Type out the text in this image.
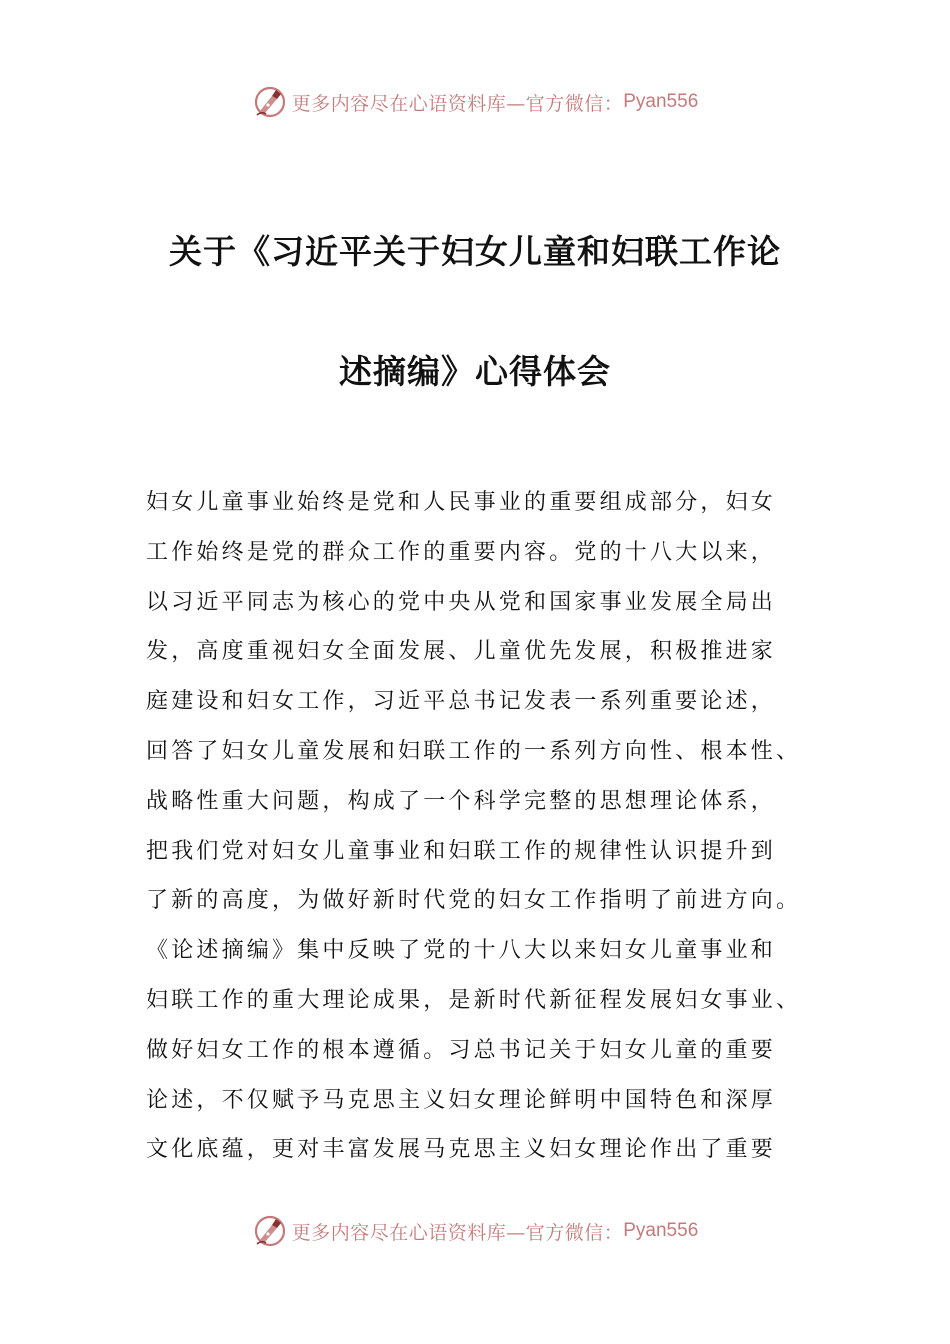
更多内容尽在心语资料库—官方微信： Pyan556
关于《习近平关于妇女儿童和妇联工作论
述摘编》心得体会
妇女儿童事业始终是党和人民事业的重要组成部分，妇女
工作始终是党的群众工作的重要内容。党的十八大以来，
以习近平同志为核心的党中央从党和国家事业发展全局出
发，高度重视妇女全面发展、儿童优先发展，积极推进家
庭建设和妇女工作，习近平总书记发表一系列重要论述，
回答了妇女儿童发展和妇联工作的一系列方向性、根本性、
战略性重大问题，构成了一个科学完整的思想理论体系，
把我们党对妇女儿童事业和妇联工作的规律性认识提升到
了新的高度，为做好新时代党的妇女工作指明了前进方向。
《论述摘编》集中反映了党的十八大以来妇女儿童事业和
妇联工作的重大理论成果，是新时代新征程发展妇女事业、
做好妇女工作的根本遵循。习总书记关于妇女儿童的重要
论述，不仅赋予马克思主义妇女理论鲜明中国特色和深厚
文化底蕴，更对丰富发展马克思主义妇女理论作出了重要
更多内容尽在心语资料库—官方微信： Pyan556
